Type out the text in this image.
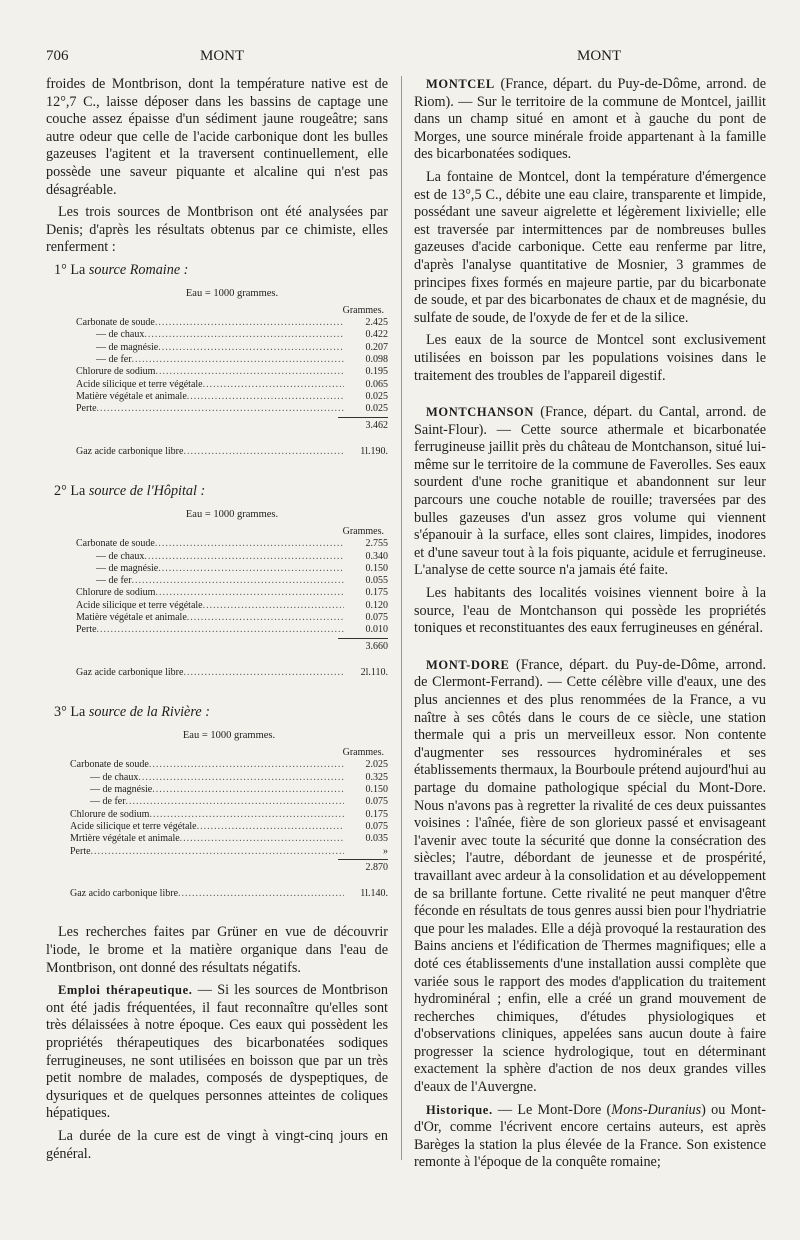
706	MONT	MONT

froides de Montbrison, dont la température native est de 12°,7 C., laisse déposer dans les bassins de captage une couche assez épaisse d'un sédiment jaune rougeâtre; sans autre odeur que celle de l'acide carbonique dont les bulles gazeuses l'agitent et la traversent continuellement, elle possède une saveur piquante et alcaline qui n'est pas désagréable.

Les trois sources de Montbrison ont été analysées par Denis; d'après les résultats obtenus par ce chimiste, elles renferment :

1° La source Romaine :
Eau = 1000 grammes.
Grammes.
Carbonate de soude .....	2.425
— de chaux .....	0.422
— de magnésie .....	0.207
— de fer .....	0.098
Chlorure de sodium .....	0.195
Acide silicique et terre végétale .....	0.065
Matière végétale et animale .....	0.025
Perte .....	0.025
3.462
Gaz acide carbonique libre .....	1l.190.
2° La source de l'Hôpital :
Eau = 1000 grammes.
Grammes.
Carbonate de soude .....	2.755
— de chaux .....	0.340
— de magnésie .....	0.150
— de fer .....	0.055
Chlorure de sodium .....	0.175
Acide silicique et terre végétale .....	0.120
Matière végétale et animale .....	0.075
Perte .....	0.010
3.660
Gaz acide carbonique libre .....	2l.110.
3° La source de la Rivière :
Eau = 1000 grammes.
Grammes.
Carbonate de soude .....	2.025
— de chaux .....	0.325
— de magnésie .....	0.150
— de fer .....	0.075
Chlorure de sodium .....	0.175
Acide silicique et terre végétale .....	0.075
Mrtière végétale et animale .....	0.035
Perte .....	»
2.870
Gaz acido carbonique libre .....	1l.140.

Les recherches faites par Grüner en vue de découvrir l'iode, le brome et la matière organique dans l'eau de Montbrison, ont donné des résultats négatifs.

Emploi thérapeutique. — Si les sources de Montbrison ont été jadis fréquentées, il faut reconnaître qu'elles sont très délaissées à notre époque. Ces eaux qui possèdent les propriétés thérapeutiques des bicarbonatées sodiques ferrugineuses, ne sont utilisées en boisson que par un très petit nombre de malades, composés de dyspeptiques, de dysuriques et de quelques personnes atteintes de coliques hépatiques.

La durée de la cure est de vingt à vingt-cinq jours en général.

MONTCEL (France, départ. du Puy-de-Dôme, arrond. de Riom). — Sur le territoire de la commune de Montcel, jaillit dans un champ situé en amont et à gauche du pont de Morges, une source minérale froide appartenant à la famille des bicarbonatées sodiques.

La fontaine de Montcel, dont la température d'émergence est de 13°,5 C., débite une eau claire, transparente et limpide, possédant une saveur aigrelette et légèrement lixivielle; elle est traversée par intermittences par de nombreuses bulles gazeuses d'acide carbonique. Cette eau renferme par litre, d'après l'analyse quantitative de Mosnier, 3 grammes de principes fixes formés en majeure partie, par du bicarbonate de soude, et par des bicarbonates de chaux et de magnésie, du sulfate de soude, de l'oxyde de fer et de la silice.

Les eaux de la source de Montcel sont exclusivement utilisées en boisson par les populations voisines dans le traitement des troubles de l'appareil digestif.

MONTCHANSON (France, départ. du Cantal, arrond. de Saint-Flour). — Cette source athermale et bicarbonatée ferrugineuse jaillit près du château de Montchanson, situé lui-même sur le territoire de la commune de Faverolles. Ses eaux sourdent d'une roche granitique et abandonnent sur leur parcours une couche notable de rouille; traversées par des bulles gazeuses d'un assez gros volume qui viennent s'épanouir à la surface, elles sont claires, limpides, inodores et d'une saveur tout à la fois piquante, acidule et ferrugineuse. L'analyse de cette source n'a jamais été faite.

Les habitants des localités voisines viennent boire à la source, l'eau de Montchanson qui possède les propriétés toniques et reconstituantes des eaux ferrugineuses en général.

MONT-DORE (France, départ. du Puy-de-Dôme, arrond. de Clermont-Ferrand). — Cette célèbre ville d'eaux, une des plus anciennes et des plus renommées de la France, a vu naître à ses côtés dans le cours de ce siècle, une station thermale qui a pris un merveilleux essor. Non contente d'augmenter ses ressources hydrominérales et ses établissements thermaux, la Bourboule prétend aujourd'hui au partage du domaine pathologique spécial du Mont-Dore. Nous n'avons pas à regretter la rivalité de ces deux puissantes voisines : l'aînée, fière de son glorieux passé et envisageant l'avenir avec toute la sécurité que donne la consécration des siècles; l'autre, débordant de jeunesse et de prospérité, travaillant avec ardeur à la consolidation et au développement de sa brillante fortune. Cette rivalité ne peut manquer d'être féconde en résultats de tous genres aussi bien pour l'hydriatrie que pour les malades. Elle a déjà provoqué la restauration des Bains anciens et l'édification de Thermes magnifiques; elle a doté ces établissements d'une installation aussi complète que variée sous le rapport des modes d'application du traitement hydrominéral ; enfin, elle a créé un grand mouvement de recherches chimiques, d'études physiologiques et d'observations cliniques, appelées sans aucun doute à faire progresser la science hydrologique, tout en déterminant exactement la sphère d'action de nos deux grandes villes d'eaux de l'Auvergne.

Historique. — Le Mont-Dore (Mons-Duranius) ou Mont-d'Or, comme l'écrivent encore certains auteurs, est après Barèges la station la plus élevée de la France. Son existence remonte à l'époque de la conquête romaine;
